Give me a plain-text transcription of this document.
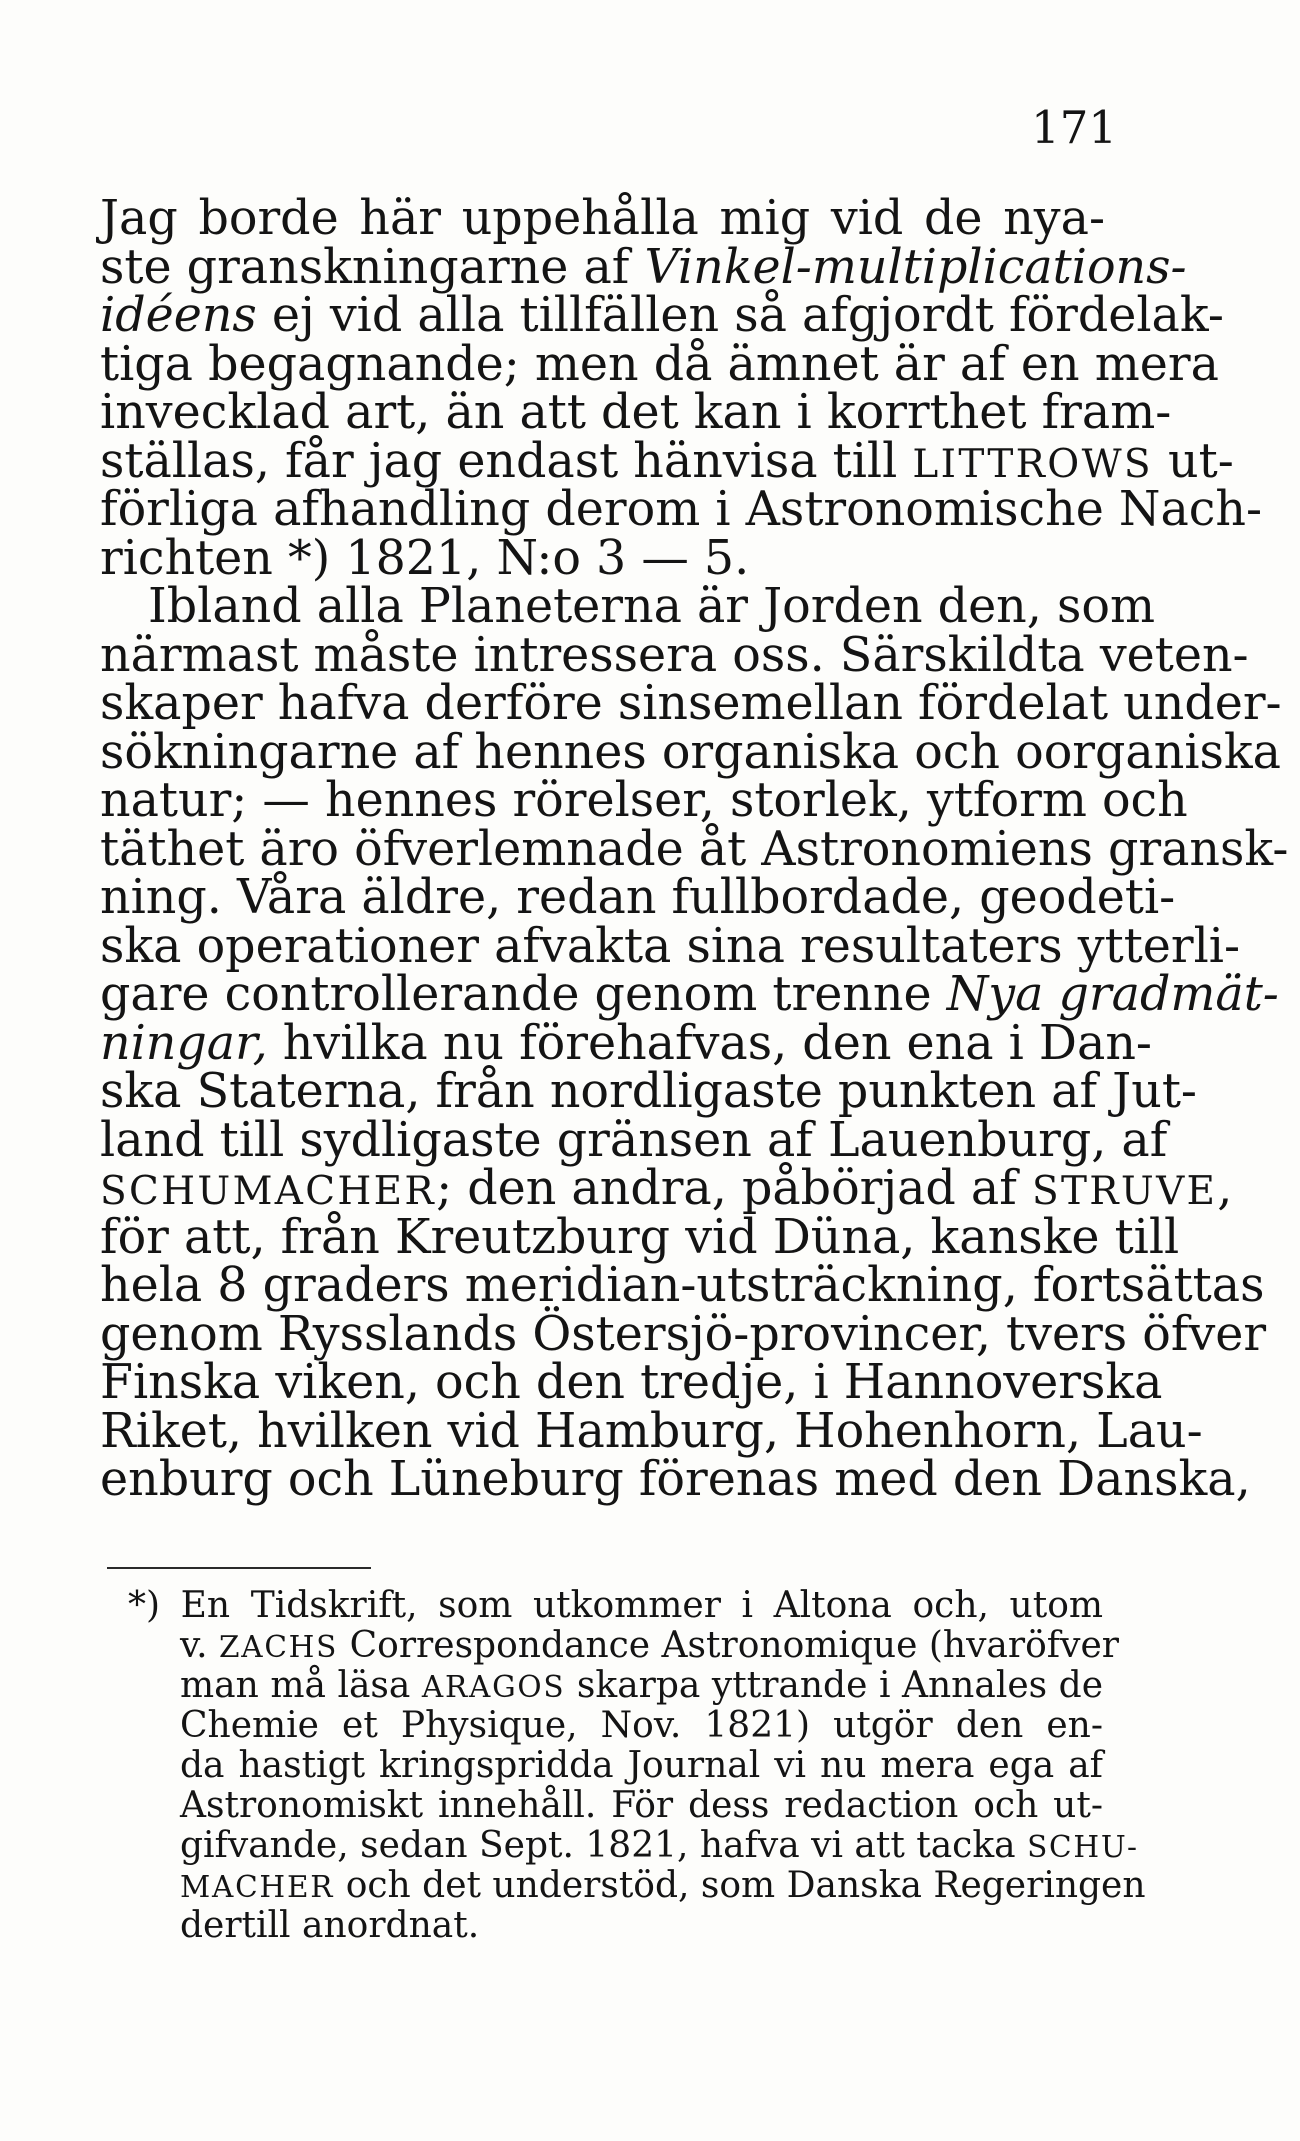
171
Jag borde här uppehålla mig vid de nya-
ste granskningarne af Vinkel-multiplications-
idéens ej vid alla tillfällen så afgjordt fördelak-
tiga begagnande; men då ämnet är af en mera
invecklad art, än att det kan i korrthet fram-
ställas, får jag endast hänvisa till LITTROWS ut-
förliga afhandling derom i Astronomische Nach-
richten *) 1821, N:o 3 — 5.
Ibland alla Planeterna är Jorden den, som
närmast måste intressera oss. Särskildta veten-
skaper hafva derföre sinsemellan fördelat under-
sökningarne af hennes organiska och oorganiska
natur; — hennes rörelser, storlek, ytform och
täthet äro öfverlemnade åt Astronomiens gransk-
ning. Våra äldre, redan fullbordade, geodeti-
ska operationer afvakta sina resultaters ytterli-
gare controllerande genom trenne Nya gradmät-
ningar, hvilka nu förehafvas, den ena i Dan-
ska Staterna, från nordligaste punkten af Jut-
land till sydligaste gränsen af Lauenburg, af
SCHUMACHER; den andra, påbörjad af STRUVE,
för att, från Kreutzburg vid Düna, kanske till
hela 8 graders meridian-utsträckning, fortsättas
genom Rysslands Östersjö-provincer, tvers öfver
Finska viken, och den tredje, i Hannoverska
Riket, hvilken vid Hamburg, Hohenhorn, Lau-
enburg och Lüneburg förenas med den Danska,
*) En Tidskrift, som utkommer i Altona och, utom
v. ZACHS Correspondance Astronomique (hvaröfver
man må läsa ARAGOS skarpa yttrande i Annales de
Chemie et Physique, Nov. 1821) utgör den en-
da hastigt kringspridda Journal vi nu mera ega af
Astronomiskt innehåll. För dess redaction och ut-
gifvande, sedan Sept. 1821, hafva vi att tacka SCHU-
MACHER och det understöd, som Danska Regeringen
dertill anordnat.
